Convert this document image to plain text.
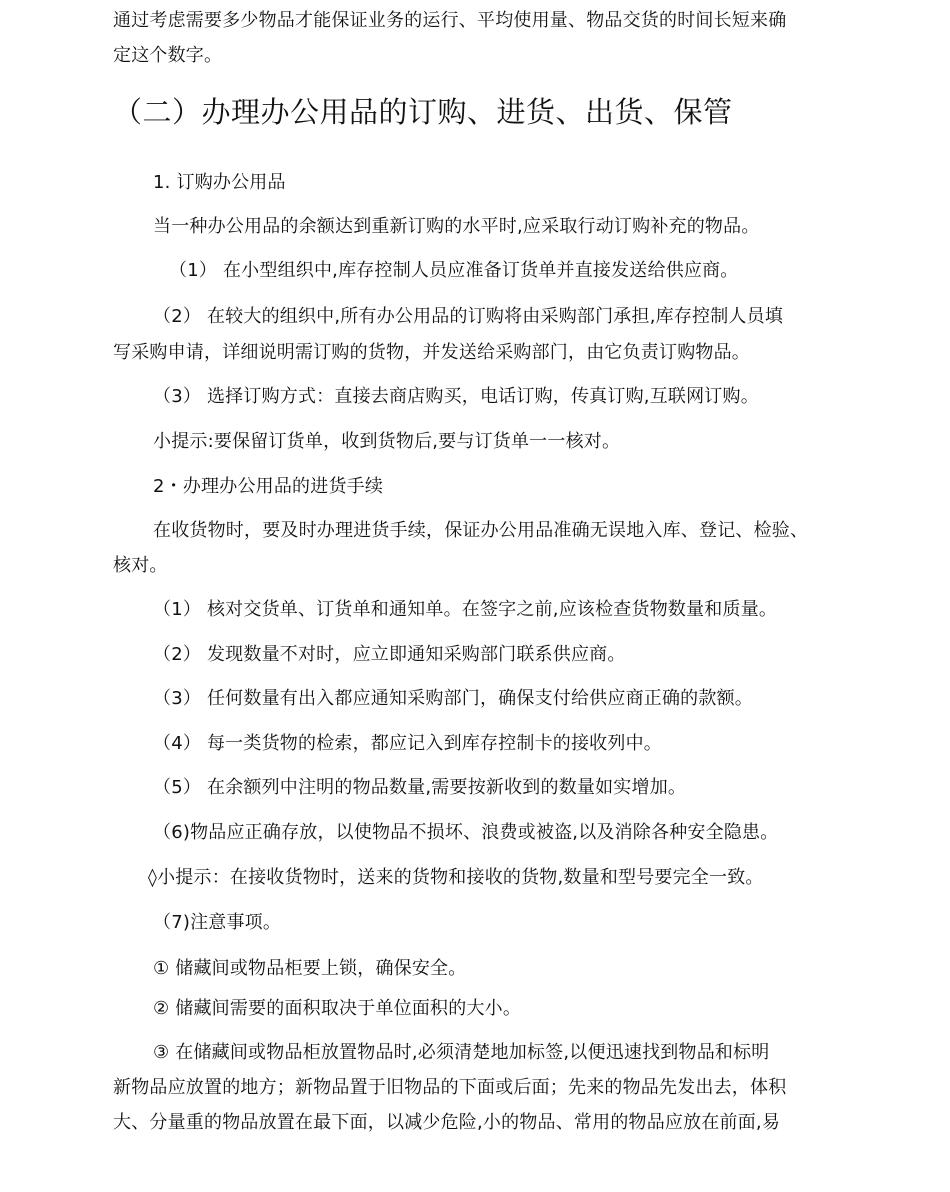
通过考虑需要多少物品才能保证业务的运行、平均使用量、物品交货的时间长短来确
定这个数字。
（二）办理办公用品的订购、进货、出货、保管
1. 订购办公用品
当一种办公用品的余额达到重新订购的水平时,应采取行动订购补充的物品。
（1） 在小型组织中,库存控制人员应准备订货单并直接发送给供应商。
（2） 在较大的组织中,所有办公用品的订购将由采购部门承担,库存控制人员填
写采购申请，详细说明需订购的货物，并发送给采购部门，由它负责订购物品。
（3） 选择订购方式：直接去商店购买，电话订购，传真订购,互联网订购。
小提示:要保留订货单，收到货物后,要与订货单一一核对。
2・办理办公用品的进货手续
在收货物时，要及时办理进货手续，保证办公用品准确无误地入库、登记、检验、
核对。
（1） 核对交货单、订货单和通知单。在签字之前,应该检查货物数量和质量。
（2） 发现数量不对时，应立即通知采购部门联系供应商。
（3） 任何数量有出入都应通知采购部门，确保支付给供应商正确的款额。
（4） 每一类货物的检索，都应记入到库存控制卡的接收列中。
（5） 在余额列中注明的物品数量,需要按新收到的数量如实增加。
（6)物品应正确存放，以使物品不损坏、浪费或被盗,以及消除各种安全隐患。
◊小提示：在接收货物时，送来的货物和接收的货物,数量和型号要完全一致。
（7)注意事项。
① 储藏间或物品柜要上锁，确保安全。
② 储藏间需要的面积取决于单位面积的大小。
③ 在储藏间或物品柜放置物品时,必须清楚地加标签,以便迅速找到物品和标明
新物品应放置的地方；新物品置于旧物品的下面或后面；先来的物品先发出去，体积
大、分量重的物品放置在最下面，以减少危险,小的物品、常用的物品应放在前面,易
